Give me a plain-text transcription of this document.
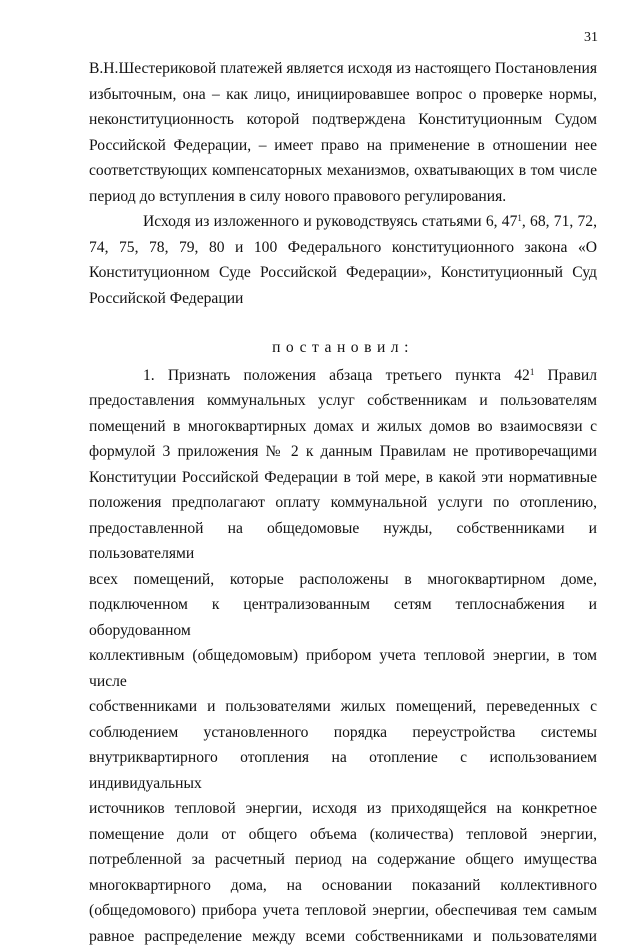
31

В.Н.Шестериковой платежей является исходя из настоящего Постановления

избыточным, она – как лицо, инициировавшее вопрос о проверке нормы,

неконституционность которой подтверждена Конституционным Судом

Российской Федерации, – имеет право на применение в отношении нее

соответствующих компенсаторных механизмов, охватывающих в том числе

период до вступления в силу нового правового регулирования.

Исходя из изложенного и руководствуясь статьями 6, $47^1$, 68, 71, 72,

74, 75, 78, 79, 80 и 100 Федерального конституционного закона «О

Конституционном Суде Российской Федерации», Конституционный Суд

Российской Федерации

постановил:

1. Признать положения абзаца третьего пункта $42^1$ Правил

предоставления коммунальных услуг собственникам и пользователям

помещений в многоквартирных домах и жилых домов во взаимосвязи с

формулой 3 приложения № 2 к данным Правилам не противоречащими

Конституции Российской Федерации в той мере, в какой эти нормативные

положения предполагают оплату коммунальной услуги по отоплению,

предоставленной на общедомовые нужды, собственниками и пользователями

всех помещений, которые расположены в многоквартирном доме,

подключенном к централизованным сетям теплоснабжения и оборудованном

коллективным (общедомовым) прибором учета тепловой энергии, в том числе

собственниками и пользователями жилых помещений, переведенных с

соблюдением установленного порядка переустройства системы

внутриквартирного отопления на отопление с использованием индивидуальных

источников тепловой энергии, исходя из приходящейся на конкретное

помещение доли от общего объема (количества) тепловой энергии,

потребленной за расчетный период на содержание общего имущества

многоквартирного дома, на основании показаний коллективного

(общедомового) прибора учета тепловой энергии, обеспечивая тем самым

равное распределение между всеми собственниками и пользователями
